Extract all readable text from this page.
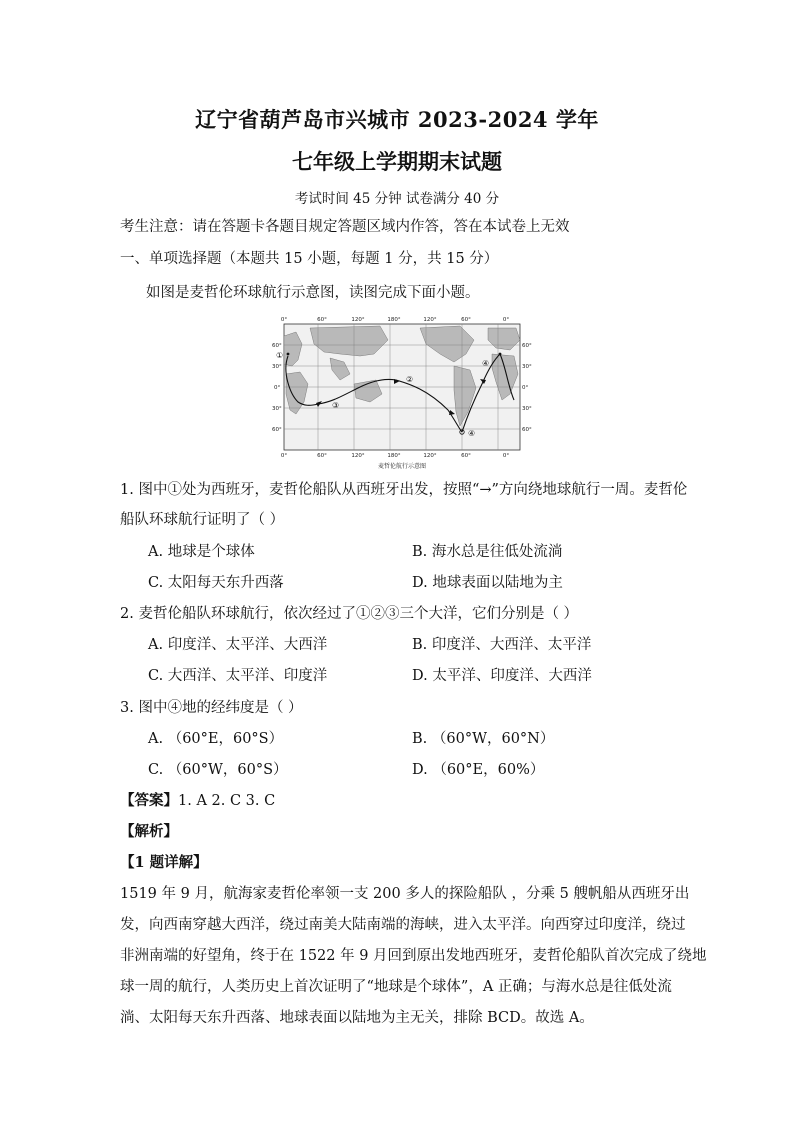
辽宁省葫芦岛市兴城市 2023-2024 学年
七年级上学期期末试题
考试时间 45 分钟 试卷满分 40 分
考生注意：请在答题卡各题目规定答题区域内作答，答在本试卷上无效
一、单项选择题（本题共 15 小题，每题 1 分，共 15 分）
如图是麦哲伦环球航行示意图，读图完成下面小题。
①
②
③
④
④
0°	60°	120°	180°	120°	60°	0°
0°	60°	120°	180°	120°	60°	0°
60°
30°
0°
30°
60°
60°
30°
0°
30°
60°
麦哲伦航行示意图
1. 图中①处为西班牙，麦哲伦船队从西班牙出发，按照“→”方向绕地球航行一周。麦哲伦
船队环球航行证明了（ ）
A. 地球是个球体	B. 海水总是往低处流淌
C. 太阳每天东升西落	D. 地球表面以陆地为主
2. 麦哲伦船队环球航行，依次经过了①②③三个大洋，它们分别是（ ）
A. 印度洋、太平洋、大西洋	B. 印度洋、大西洋、太平洋
C. 大西洋、太平洋、印度洋	D. 太平洋、印度洋、大西洋
3. 图中④地的经纬度是（ ）
A. （60°E，60°S）	B. （60°W，60°N）
C. （60°W，60°S）	D. （60°E，60%）
【答案】1. A 2. C 3. C
【解析】
【1 题详解】
1519 年 9 月，航海家麦哲伦率领一支 200 多人的探险船队 ，分乘 5 艘帆船从西班牙出
发，向西南穿越大西洋，绕过南美大陆南端的海峡，进入太平洋。向西穿过印度洋，绕过
非洲南端的好望角，终于在 1522 年 9 月回到原出发地西班牙，麦哲伦船队首次完成了绕地
球一周的航行，人类历史上首次证明了“地球是个球体”，A 正确；与海水总是往低处流
淌、太阳每天东升西落、地球表面以陆地为主无关，排除 BCD。故选 A。
